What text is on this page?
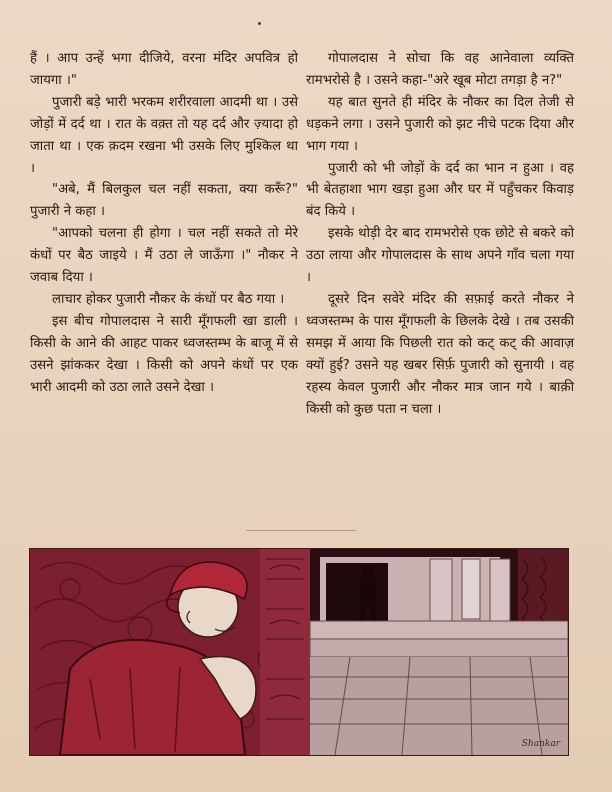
हैं । आप उन्हें भगा दीजिये, वरना मंदिर अपवित्र हो जायगा ।"

पुजारी बड़े भारी भरकम शरीरवाला आदमी था । उसे जोड़ों में दर्द था । रात के वक़्त तो यह दर्द और ज़्यादा हो जाता था । एक क़दम रखना भी उसके लिए मुश्किल था ।

"अबे, मैं बिलकुल चल नहीं सकता, क्या करूँ?" पुजारी ने कहा ।

"आपको चलना ही होगा । चल नहीं सकते तो मेरे कंधों पर बैठ जाइये । मैं उठा ले जाऊँगा ।" नौकर ने जवाब दिया ।

लाचार होकर पुजारी नौकर के कंधों पर बैठ गया ।

इस बीच गोपालदास ने सारी मूँगफली खा डाली । किसी के आने की आहट पाकर ध्वजस्तम्भ के बाजू में से उसने झांककर देखा । किसी को अपने कंधों पर एक भारी आदमी को उठा लाते उसने देखा ।

गोपालदास ने सोचा कि वह आनेवाला व्यक्ति रामभरोसे है । उसने कहा-"अरे खूब मोटा तगड़ा है न?"

यह बात सुनते ही मंदिर के नौकर का दिल तेजी से धड़कने लगा । उसने पुजारी को झट नीचे पटक दिया और भाग गया ।

पुजारी को भी जोड़ों के दर्द का भान न हुआ । वह भी बेतहाशा भाग खड़ा हुआ और घर में पहुँचकर किवाड़ बंद किये ।

इसके थोड़ी देर बाद रामभरोसे एक छोटे से बकरे को उठा लाया और गोपालदास के साथ अपने गाँव चला गया ।

दूसरे दिन सवेरे मंदिर की सफ़ाई करते नौकर ने ध्वजस्तम्भ के पास मूँगफली के छिलके देखे । तब उसकी समझ में आया कि पिछली रात को कट् कट् की आवाज़ क्यों हुई? उसने यह खबर सिर्फ़ पुजारी को सुनायी । वह रहस्य केवल पुजारी और नौकर मात्र जान गये । बाक़ी किसी को कुछ पता न चला ।

Shankar
